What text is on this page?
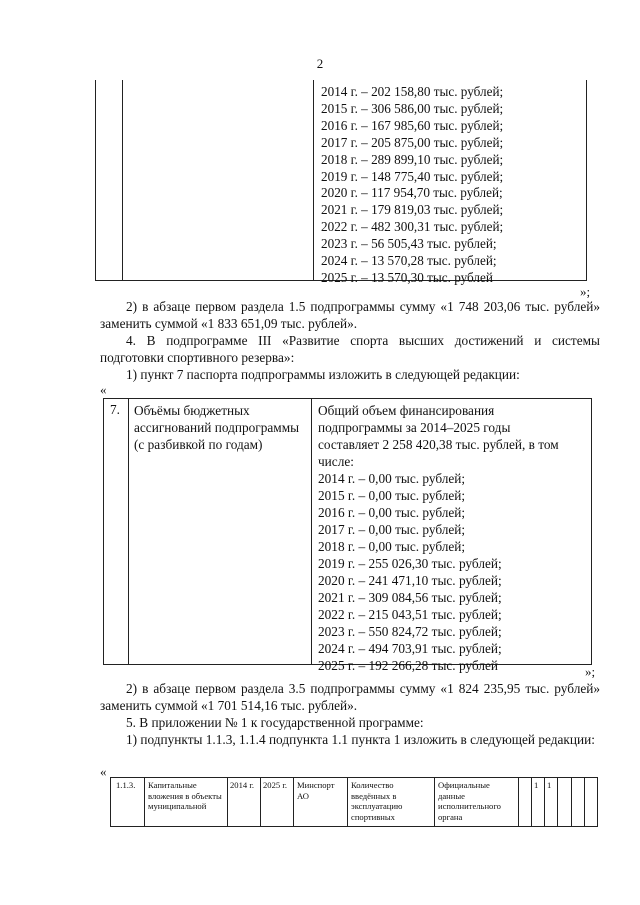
2
2014 г. – 202 158,80 тыс. рублей;
2015 г. – 306 586,00 тыс. рублей;
2016 г. – 167 985,60 тыс. рублей;
2017 г. – 205 875,00 тыс. рублей;
2018 г. – 289 899,10 тыс. рублей;
2019 г. – 148 775,40 тыс. рублей;
2020 г. – 117 954,70 тыс. рублей;
2021 г. – 179 819,03 тыс. рублей;
2022 г. – 482 300,31 тыс. рублей;
2023 г. – 56 505,43 тыс. рублей;
2024 г. – 13 570,28 тыс. рублей;
2025 г. – 13 570,30 тыс. рублей
»;
2) в абзаце первом раздела 1.5 подпрограммы сумму «1 748 203,06 тыс. рублей» заменить суммой «1 833 651,09 тыс. рублей».
4. В подпрограмме III «Развитие спорта высших достижений и системы подготовки спортивного резерва»:
1) пункт 7 паспорта подпрограммы изложить в следующей редакции:
«
7. Объёмы бюджетных ассигнований подпрограммы (с разбивкой по годам)
Общий объем финансирования
подпрограммы за 2014–2025 годы
составляет 2 258 420,38 тыс. рублей, в том
числе:
2014 г. – 0,00 тыс. рублей;
2015 г. – 0,00 тыс. рублей;
2016 г. – 0,00 тыс. рублей;
2017 г. – 0,00 тыс. рублей;
2018 г. – 0,00 тыс. рублей;
2019 г. – 255 026,30 тыс. рублей;
2020 г. – 241 471,10 тыс. рублей;
2021 г. – 309 084,56 тыс. рублей;
2022 г. – 215 043,51 тыс. рублей;
2023 г. – 550 824,72 тыс. рублей;
2024 г. – 494 703,91 тыс. рублей;
2025 г. – 192 266,28 тыс. рублей	»;
2) в абзаце первом раздела 3.5 подпрограммы сумму «1 824 235,95 тыс. рублей» заменить суммой «1 701 514,16 тыс. рублей».
5. В приложении № 1 к государственной программе:
1) подпункты 1.1.3, 1.1.4 подпункта 1.1 пункта 1 изложить в следующей редакции:
«
1.1.3. Капитальные вложения в объекты муниципальной
2014 г. 2025 г. Минспорт АО
Количество введённых в эксплуатацию спортивных
Официальные данные исполнительного органа
1 1
